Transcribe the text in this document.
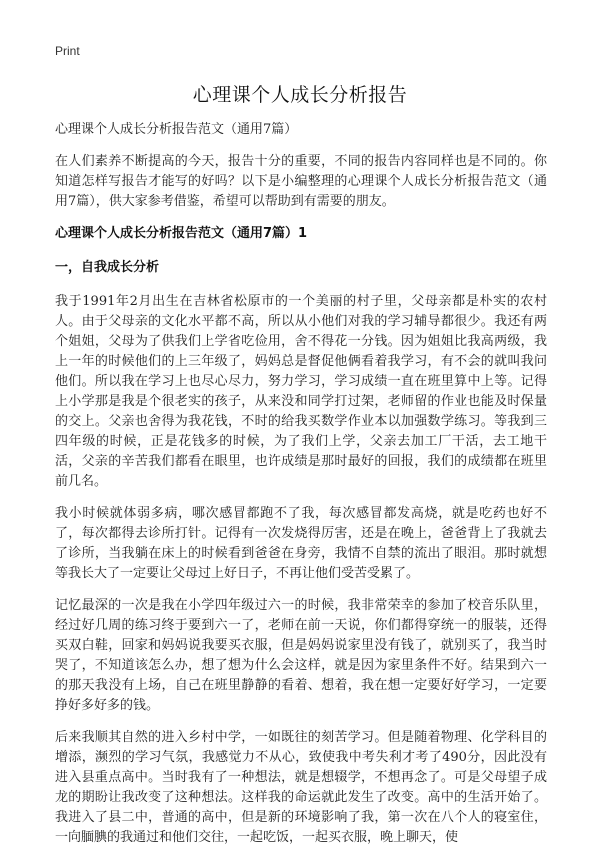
Print
心理课个人成长分析报告

心理课个人成长分析报告范文（通用7篇）

在人们素养不断提高的今天，报告十分的重要，不同的报告内容同样也是不同的。你知道怎样写报告才能写的好吗？以下是小编整理的心理课个人成长分析报告范文（通用7篇），供大家参考借鉴，希望可以帮助到有需要的朋友。

心理课个人成长分析报告范文（通用7篇）1

一，自我成长分析

我于1991年2月出生在吉林省松原市的一个美丽的村子里，父母亲都是朴实的农村人。由于父母亲的文化水平都不高，所以从小他们对我的学习辅导都很少。我还有两个姐姐，父母为了供我们上学省吃俭用，舍不得花一分钱。因为姐姐比我高两级，我上一年的时候他们的上三年级了，妈妈总是督促他俩看着我学习，有不会的就叫我问他们。所以我在学习上也尽心尽力，努力学习，学习成绩一直在班里算中上等。记得上小学那是我是个很老实的孩子，从来没和同学打过架，老师留的作业也能及时保量的交上。父亲也舍得为我花钱，不时的给我买数学作业本以加强数学练习。等我到三四年级的时候，正是花钱多的时候，为了我们上学，父亲去加工厂干活，去工地干活，父亲的辛苦我们都看在眼里，也许成绩是那时最好的回报，我们的成绩都在班里前几名。

我小时候就体弱多病，哪次感冒都跑不了我，每次感冒都发高烧，就是吃药也好不了，每次都得去诊所打针。记得有一次发烧得厉害，还是在晚上，爸爸背上了我就去了诊所，当我躺在床上的时候看到爸爸在身旁，我情不自禁的流出了眼泪。那时就想等我长大了一定要让父母过上好日子，不再让他们受苦受累了。

记忆最深的一次是我在小学四年级过六一的时候，我非常荣幸的参加了校音乐队里，经过好几周的练习终于要到六一了，老师在前一天说，你们都得穿统一的服装，还得买双白鞋，回家和妈妈说我要买衣服，但是妈妈说家里没有钱了，就别买了，我当时哭了，不知道该怎么办，想了想为什么会这样，就是因为家里条件不好。结果到六一的那天我没有上场，自己在班里静静的看着、想着，我在想一定要好好学习，一定要挣好多好多的钱。

后来我顺其自然的进入乡村中学，一如既往的刻苦学习。但是随着物理、化学科目的增添，濒烈的学习气氛，我感觉力不从心，致使我中考失利才考了490分，因此没有进入县重点高中。当时我有了一种想法，就是想辍学，不想再念了。可是父母望子成龙的期盼让我改变了这种想法。这样我的命运就此发生了改变。高中的生活开始了。我进入了县二中，普通的高中，但是新的环境影响了我，第一次在八个人的寝室住，一向腼腆的我通过和他们交往，一起吃饭，一起买衣服，晚上聊天，使
